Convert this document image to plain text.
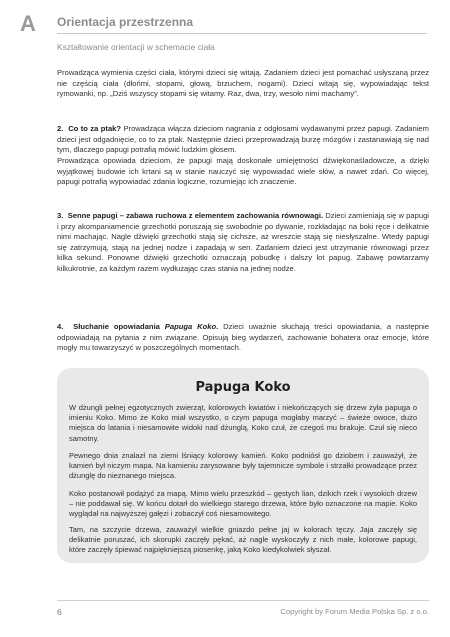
A Orientacja przestrzenna
Kształtowanie orientacji w schemacie ciała

Prowadząca wymienia części ciała, którymi dzieci się witają. Zadaniem dzieci jest pomachać usłyszaną przez nie częścią ciała (dłońmi, stopami, głową, brzuchem, nogami). Dzieci witają się, wypowiadając tekst rymowanki, np. „Dziś wszyscy stopami się witamy. Raz, dwa, trzy, wesoło nimi machamy”.

2. Co to za ptak? Prowadząca włącza dzieciom nagrania z odgłosami wydawanymi przez papugi. Zadaniem dzieci jest odgadnięcie, co to za ptak. Następnie dzieci przeprowadzają burzę mózgów i zastanawiają się nad tym, dlaczego papugi potrafią mówić ludzkim głosem.

Prowadząca opowiada dzieciom, że papugi mają doskonałe umiejętności dźwiękonaśladowcze, a dzięki wyjątkowej budowie ich krtani są w stanie nauczyć się wypowiadać wiele słów, a nawet zdań. Co więcej, papugi potrafią wypowiadać zdania logiczne, rozumiejąc ich znaczenie.

3. Senne papugi – zabawa ruchowa z elementem zachowania równowagi. Dzieci zamieniają się w papugi i przy akompaniamencie grzechotki poruszają się swobodnie po dywanie, rozkładając na boki ręce i delikatnie nimi machając. Nagle dźwięki grzechotki stają się cichsze, aż wreszcie stają się niesłyszalne. Wtedy papugi się zatrzymują, stają na jednej nodze i zapadają w sen. Zadaniem dzieci jest utrzymanie równowagi przez kilka sekund. Ponowne dźwięki grzechotki oznaczają pobudkę i dalszy lot papug. Zabawę powtarzamy kilkukrotnie, za każdym razem wydłużając czas stania na jednej nodze.

4. Słuchanie opowiadania Papuga Koko. Dzieci uważnie słuchają treści opowiadania, a następnie odpowiadają na pytania z nim związane. Opisują bieg wydarzeń, zachowanie bohatera oraz emocje, które mogły mu towarzyszyć w poszczególnych momentach.

Papuga Koko

W dżungli pełnej egzotycznych zwierząt, kolorowych kwiatów i niekończących się drzew żyła papuga o imieniu Koko. Mimo że Koko miał wszystko, o czym papuga mogłaby marzyć – świeże owoce, dużo miejsca do latania i niesamowite widoki nad dżunglą, Koko czuł, że czegoś mu brakuje. Czuł się nieco samotny.

Pewnego dnia znalazł na ziemi lśniący kolorowy kamień. Koko podniósł go dziobem i zauważył, że kamień był niczym mapa. Na kamieniu zarysowane były tajemnicze symbole i strzałki prowadzące przez dżunglę do nieznanego miejsca.

Koko postanowił podążyć za mapą. Mimo wielu przeszkód – gęstych lian, dzikich rzek i wysokich drzew – nie poddawał się. W końcu dotarł do wielkiego starego drzewa, które było oznaczone na mapie. Koko wyglądał na najwyższej gałęzi i zobaczył coś niesamowitego.

Tam, na szczycie drzewa, zauważył wielkie gniazdo pełne jaj w kolorach tęczy. Jaja zaczęły się delikatnie poruszać, ich skorupki zaczęły pękać, aż nagle wyskoczyły z nich małe, kolorowe papugi, które zaczęły śpiewać najpiękniejszą piosenkę, jaką Koko kiedykolwiek słyszał.

6	Copyright by Forum Media Polska Sp. z o.o.
